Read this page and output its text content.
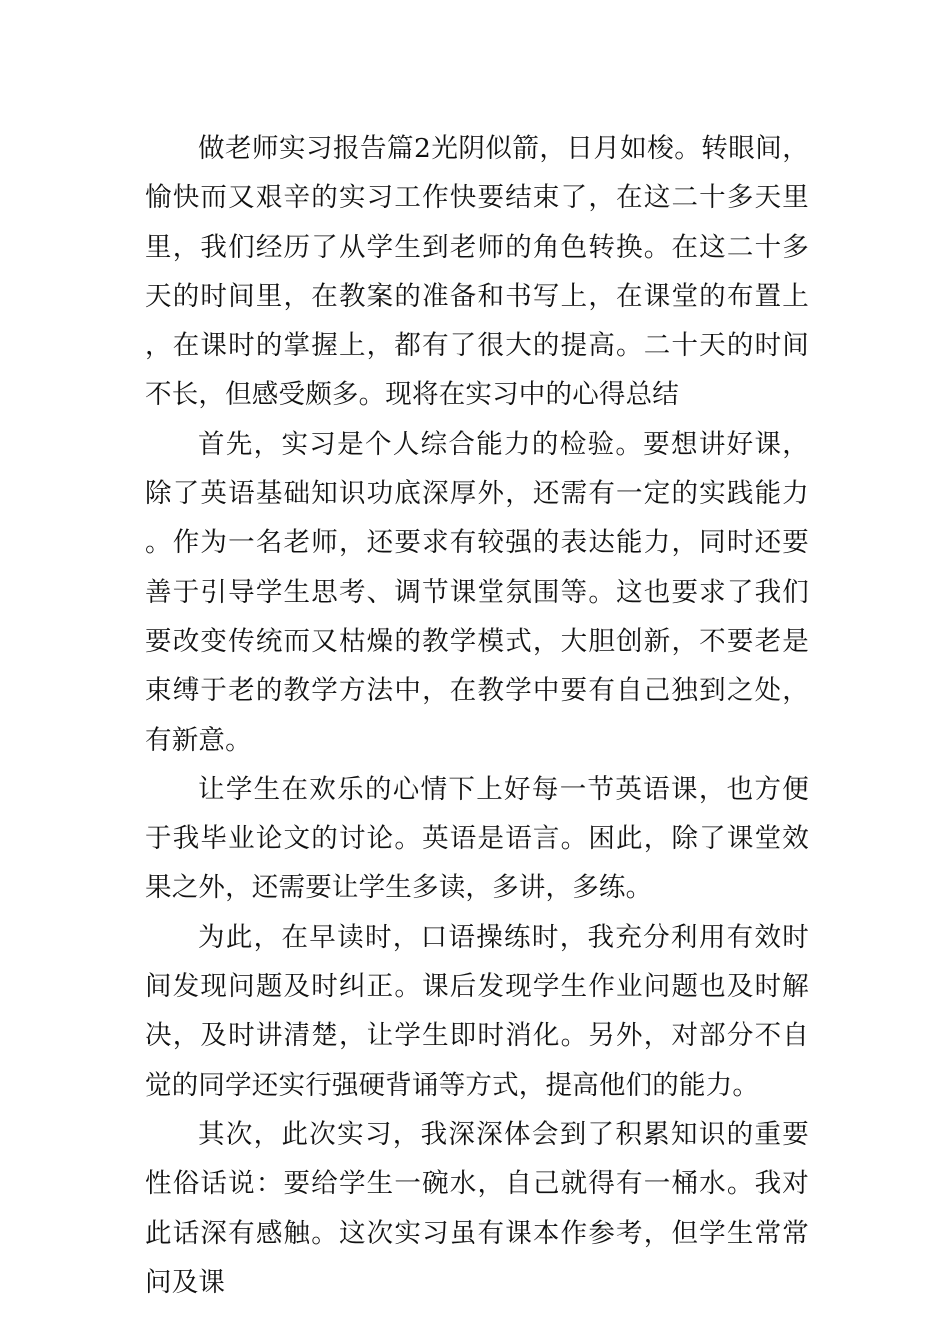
做老师实习报告篇2光阴似箭，日月如梭。转眼间，愉快而又艰辛的实习工作快要结束了，在这二十多天里里，我们经历了从学生到老师的角色转换。在这二十多天的时间里，在教案的准备和书写上，在课堂的布置上，在课时的掌握上，都有了很大的提高。二十天的时间不长，但感受颇多。现将在实习中的心得总结

首先，实习是个人综合能力的检验。要想讲好课，除了英语基础知识功底深厚外，还需有一定的实践能力。作为一名老师，还要求有较强的表达能力，同时还要善于引导学生思考、调节课堂氛围等。这也要求了我们要改变传统而又枯燥的教学模式，大胆创新，不要老是束缚于老的教学方法中，在教学中要有自己独到之处，有新意。

让学生在欢乐的心情下上好每一节英语课，也方便于我毕业论文的讨论。英语是语言。困此，除了课堂效果之外，还需要让学生多读，多讲，多练。

为此，在早读时，口语操练时，我充分利用有效时间发现问题及时纠正。课后发现学生作业问题也及时解决，及时讲清楚，让学生即时消化。另外，对部分不自觉的同学还实行强硬背诵等方式，提高他们的能力。

其次，此次实习，我深深体会到了积累知识的重要性俗话说：要给学生一碗水，自己就得有一桶水。我对此话深有感触。这次实习虽有课本作参考，但学生常常问及课
